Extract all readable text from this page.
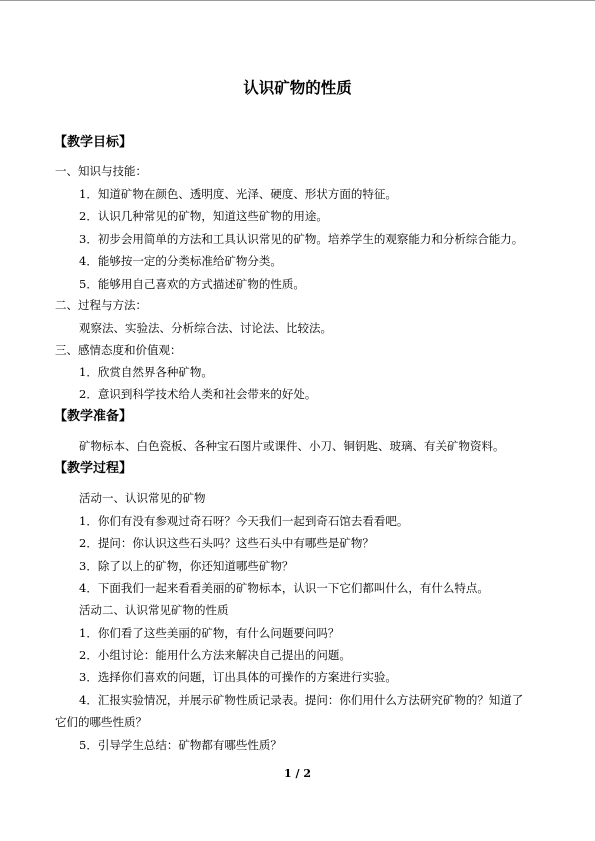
认识矿物的性质
【教学目标】
一、知识与技能：
1．知道矿物在颜色、透明度、光泽、硬度、形状方面的特征。
2．认识几种常见的矿物，知道这些矿物的用途。
3．初步会用简单的方法和工具认识常见的矿物。培养学生的观察能力和分析综合能力。
4．能够按一定的分类标准给矿物分类。
5．能够用自己喜欢的方式描述矿物的性质。
二、过程与方法：
观察法、实验法、分析综合法、讨论法、比较法。
三、感情态度和价值观：
1．欣赏自然界各种矿物。
2．意识到科学技术给人类和社会带来的好处。
【教学准备】
矿物标本、白色瓷板、各种宝石图片或课件、小刀、铜钥匙、玻璃、有关矿物资料。
【教学过程】
活动一、认识常见的矿物
1．你们有没有参观过奇石呀？今天我们一起到奇石馆去看看吧。
2．提问：你认识这些石头吗？这些石头中有哪些是矿物？
3．除了以上的矿物，你还知道哪些矿物？
4．下面我们一起来看看美丽的矿物标本，认识一下它们都叫什么，有什么特点。
活动二、认识常见矿物的性质
1．你们看了这些美丽的矿物，有什么问题要问吗？
2．小组讨论：能用什么方法来解决自己提出的问题。
3．选择你们喜欢的问题，订出具体的可操作的方案进行实验。
4．汇报实验情况，并展示矿物性质记录表。提问：你们用什么方法研究矿物的？知道了
它们的哪些性质？
5．引导学生总结：矿物都有哪些性质？
1 / 2
